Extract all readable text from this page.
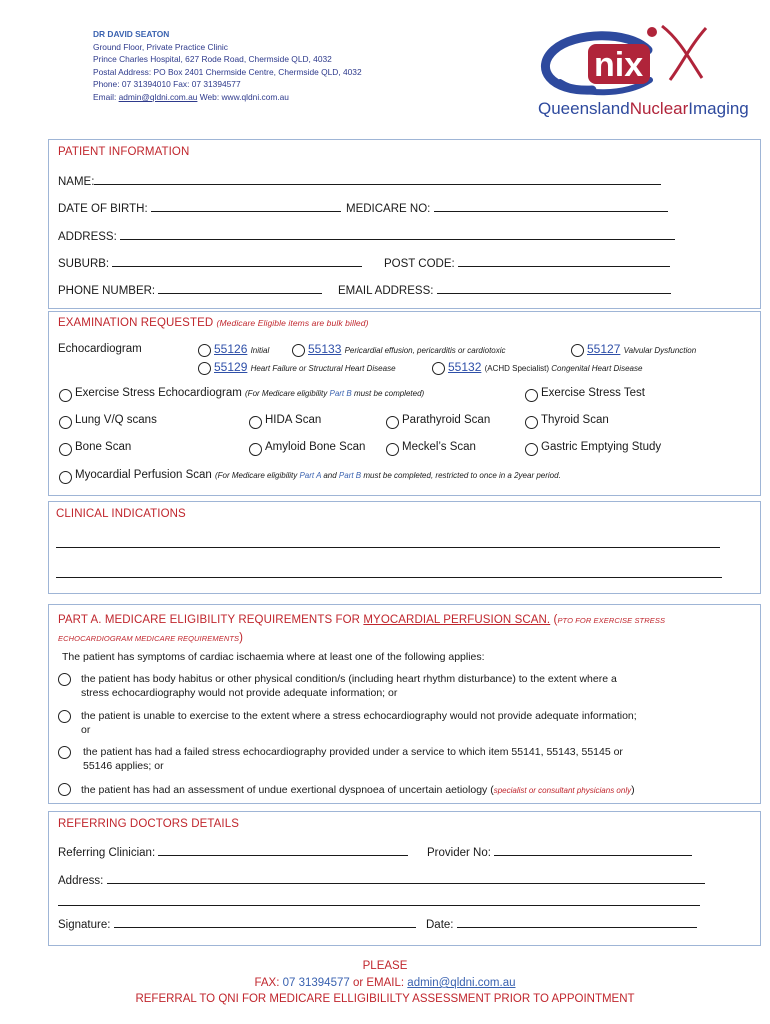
DR DAVID SEATON
Ground Floor, Private Practice Clinic
Prince Charles Hospital, 627 Rode Road, Chermside QLD, 4032
Postal Address: PO Box 2401 Chermside Centre, Chermside QLD, 4032
Phone: 07 31394010 Fax: 07 31394577
Email: admin@qldni.com.au Web: www.qldni.com.au
nix
QueenslandNuclearImaging
PATIENT INFORMATION
NAME:
DATE OF BIRTH:	MEDICARE NO:
ADDRESS:
SUBURB:	POST CODE:
PHONE NUMBER:	EMAIL ADDRESS:
EXAMINATION REQUESTED (Medicare Eligible items are bulk billed)
Echocardiogram	55126 Initial	55133 Pericardial effusion, pericarditis or cardiotoxic	55127 Valvular Dysfunction
55129 Heart Failure or Structural Heart Disease	55132 (ACHD Specialist) Congenital Heart Disease
Exercise Stress Echocardiogram (For Medicare eligibility Part B must be completed)	Exercise Stress Test
Lung V/Q scans	HIDA Scan	Parathyroid Scan	Thyroid Scan
Bone Scan	Amyloid Bone Scan	Meckel’s Scan	Gastric Emptying Study
Myocardial Perfusion Scan (For Medicare eligibility Part A and Part B must be completed, restricted to once in a 2year period.
CLINICAL INDICATIONS
PART A. MEDICARE ELIGIBILITY REQUIREMENTS FOR MYOCARDIAL PERFUSION SCAN. (PTO FOR EXERCISE STRESS
ECHOCARDIOGRAM MEDICARE REQUIREMENTS)
The patient has symptoms of cardiac ischaemia where at least one of the following applies:
the patient has body habitus or other physical condition/s (including heart rhythm disturbance) to the extent where a
stress echocardiography would not provide adequate information; or
the patient is unable to exercise to the extent where a stress echocardiography would not provide adequate information;
or
the patient has had a failed stress echocardiography provided under a service to which item 55141, 55143, 55145 or
55146 applies; or
the patient has had an assessment of undue exertional dyspnoea of uncertain aetiology (specialist or consultant physicians only)
REFERRING DOCTORS DETAILS
Referring Clinician:	Provider No:
Address:
Signature:	Date:
PLEASE
FAX: 07 31394577 or EMAIL: admin@qldni.com.au
REFERRAL TO QNI FOR MEDICARE ELLIGIBILILTY ASSESSMENT PRIOR TO APPOINTMENT
